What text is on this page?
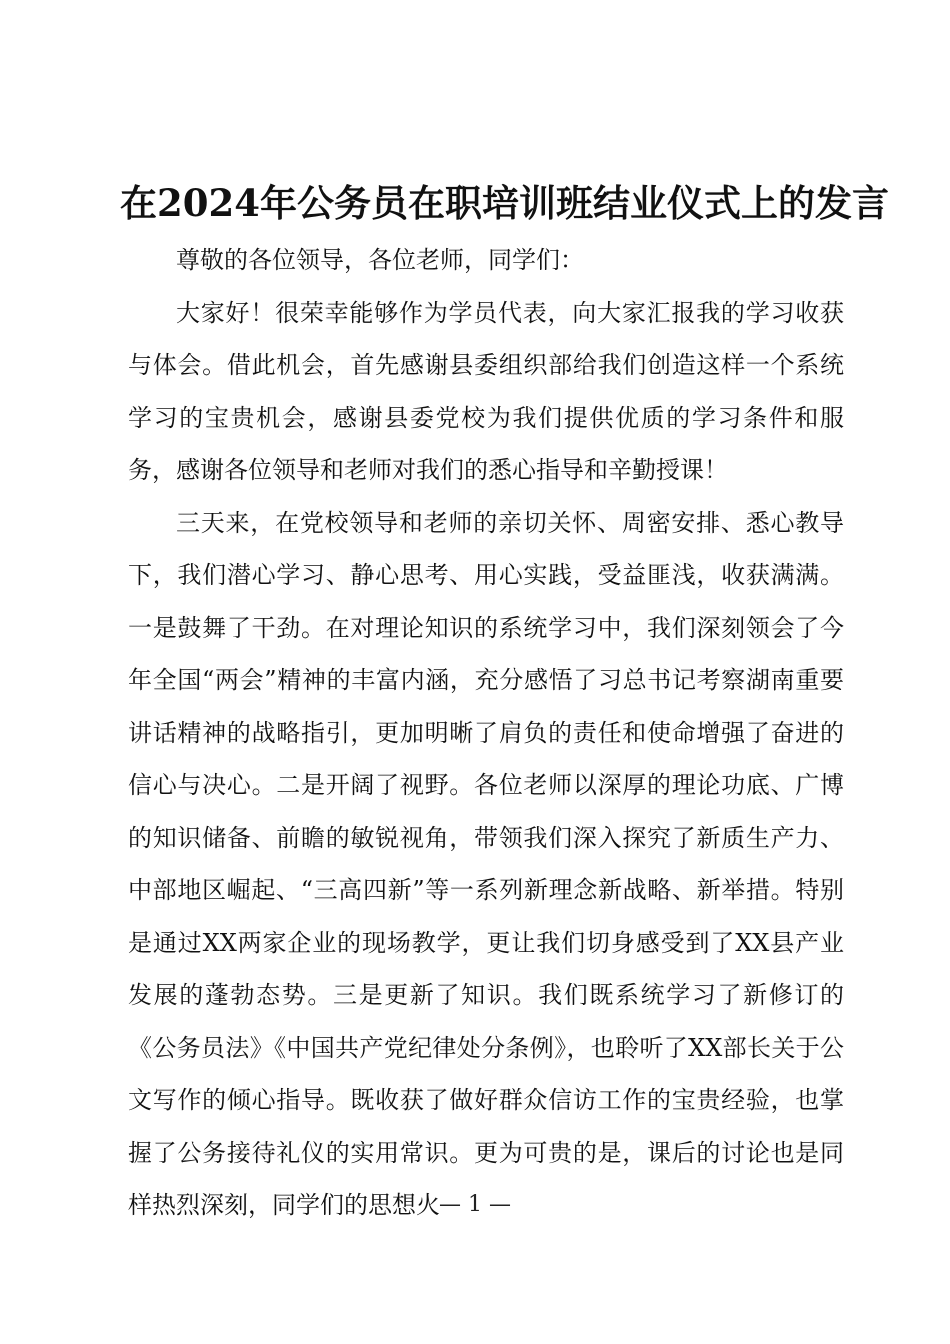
在2024年公务员在职培训班结业仪式上的发言

尊敬的各位领导，各位老师，同学们：

大家好！很荣幸能够作为学员代表，向大家汇报我的学习收获与体会。借此机会，首先感谢县委组织部给我们创造这样一个系统学习的宝贵机会，感谢县委党校为我们提供优质的学习条件和服务，感谢各位领导和老师对我们的悉心指导和辛勤授课！

三天来，在党校领导和老师的亲切关怀、周密安排、悉心教导下，我们潜心学习、静心思考、用心实践，受益匪浅，收获满满。一是鼓舞了干劲。在对理论知识的系统学习中，我们深刻领会了今年全国“两会”精神的丰富内涵，充分感悟了习总书记考察湖南重要讲话精神的战略指引，更加明晰了肩负的责任和使命增强了奋进的信心与决心。二是开阔了视野。各位老师以深厚的理论功底、广博的知识储备、前瞻的敏锐视角，带领我们深入探究了新质生产力、中部地区崛起、“三高四新”等一系列新理念新战略、新举措。特别是通过XX两家企业的现场教学，更让我们切身感受到了XX县产业发展的蓬勃态势。三是更新了知识。我们既系统学习了新修订的《公务员法》《中国共产党纪律处分条例》，也聆听了XX部长关于公文写作的倾心指导。既收获了做好群众信访工作的宝贵经验，也掌握了公务接待礼仪的实用常识。更为可贵的是，课后的讨论也是同样热烈深刻，同学们的思想火 — 1 —
